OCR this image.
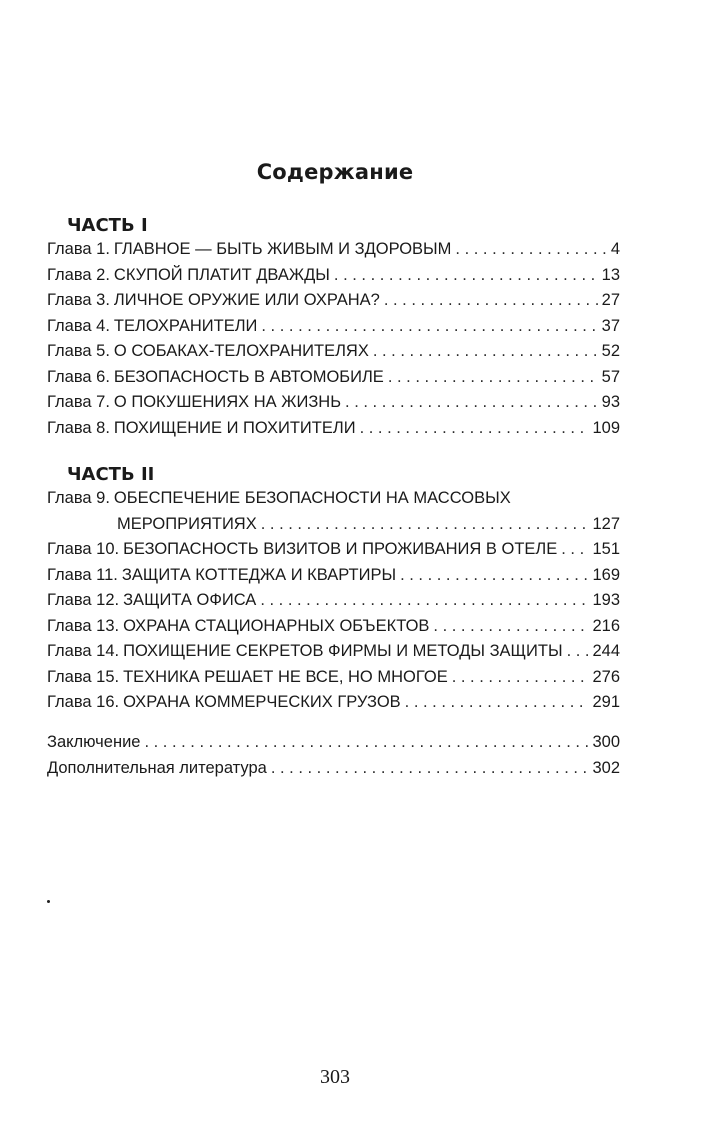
Содержание
ЧАСТЬ I
Глава 1. ГЛАВНОЕ — БЫТЬ ЖИВЫМ И ЗДОРОВЫМ . . .	4
Глава 2. СКУПОЙ ПЛАТИТ ДВАЖДЫ . . .	13
Глава 3. ЛИЧНОЕ ОРУЖИЕ ИЛИ ОХРАНА? . . .	27
Глава 4. ТЕЛОХРАНИТЕЛИ . . .	37
Глава 5. О СОБАКАХ-ТЕЛОХРАНИТЕЛЯХ . . .	52
Глава 6. БЕЗОПАСНОСТЬ В АВТОМОБИЛЕ . . .	57
Глава 7. О ПОКУШЕНИЯХ НА ЖИЗНЬ . . .	93
Глава 8. ПОХИЩЕНИЕ И ПОХИТИТЕЛИ . . .	109
ЧАСТЬ II
Глава 9. ОБЕСПЕЧЕНИЕ БЕЗОПАСНОСТИ НА МАССОВЫХ
МЕРОПРИЯТИЯХ . . .	127
Глава 10. БЕЗОПАСНОСТЬ ВИЗИТОВ И ПРОЖИВАНИЯ В ОТЕЛЕ . . . 151
Глава 11. ЗАЩИТА КОТТЕДЖА И КВАРТИРЫ . . .	169
Глава 12. ЗАЩИТА ОФИСА . . .	193
Глава 13. ОХРАНА СТАЦИОНАРНЫХ ОБЪЕКТОВ . . .	216
Глава 14. ПОХИЩЕНИЕ СЕКРЕТОВ ФИРМЫ И МЕТОДЫ ЗАЩИТЫ . . . 244
Глава 15. ТЕХНИКА РЕШАЕТ НЕ ВСЕ, НО МНОГОЕ . . .	276
Глава 16. ОХРАНА КОММЕРЧЕСКИХ ГРУЗОВ . . .	291
Заключение . . .	300
Дополнительная литература . . .	302
303
